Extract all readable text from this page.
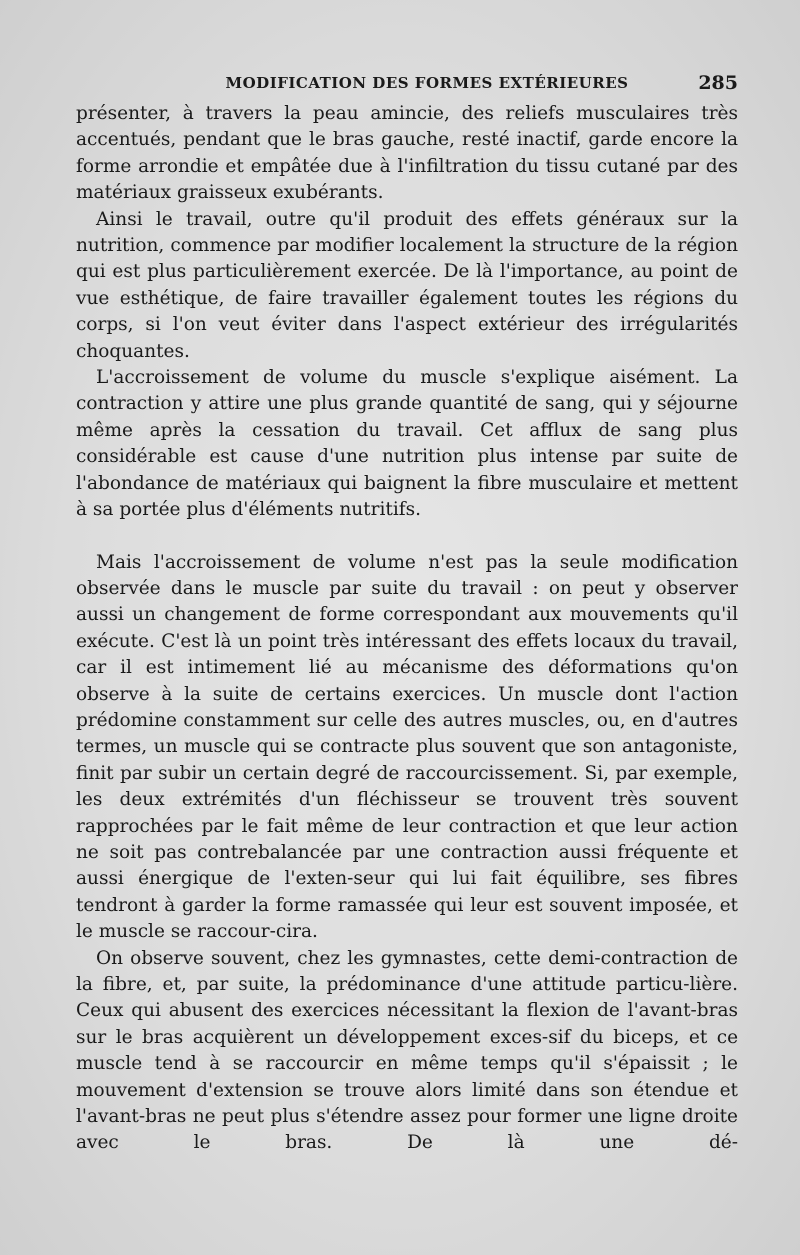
MODIFICATION DES FORMES EXTÉRIEURES	285

présenter, à travers la peau amincie, des reliefs musculaires très accentués, pendant que le bras gauche, resté inactif, garde encore la forme arrondie et empâtée due à l'infiltration du tissu cutané par des matériaux graisseux exubérants.

Ainsi le travail, outre qu'il produit des effets généraux sur la nutrition, commence par modifier localement la structure de la région qui est plus particulièrement exercée. De là l'importance, au point de vue esthétique, de faire travailler également toutes les régions du corps, si l'on veut éviter dans l'aspect extérieur des irrégularités choquantes.

L'accroissement de volume du muscle s'explique aisément. La contraction y attire une plus grande quantité de sang, qui y séjourne même après la cessation du travail. Cet afflux de sang plus considérable est cause d'une nutrition plus intense par suite de l'abondance de matériaux qui baignent la fibre musculaire et mettent à sa portée plus d'éléments nutritifs.

Mais l'accroissement de volume n'est pas la seule modification observée dans le muscle par suite du travail : on peut y observer aussi un changement de forme correspondant aux mouvements qu'il exécute. C'est là un point très intéressant des effets locaux du travail, car il est intimement lié au mécanisme des déformations qu'on observe à la suite de certains exercices. Un muscle dont l'action prédomine constamment sur celle des autres muscles, ou, en d'autres termes, un muscle qui se contracte plus souvent que son antagoniste, finit par subir un certain degré de raccourcissement. Si, par exemple, les deux extrémités d'un fléchisseur se trouvent très souvent rapprochées par le fait même de leur contraction et que leur action ne soit pas contrebalancée par une contraction aussi fréquente et aussi énergique de l'exten-seur qui lui fait équilibre, ses fibres tendront à garder la forme ramassée qui leur est souvent imposée, et le muscle se raccour-cira.

On observe souvent, chez les gymnastes, cette demi-contraction de la fibre, et, par suite, la prédominance d'une attitude particu-lière. Ceux qui abusent des exercices nécessitant la flexion de l'avant-bras sur le bras acquièrent un développement exces-sif du biceps, et ce muscle tend à se raccourcir en même temps qu'il s'épaissit ; le mouvement d'extension se trouve alors limité dans son étendue et l'avant-bras ne peut plus s'étendre assez pour former une ligne droite avec le bras. De là une dé-
